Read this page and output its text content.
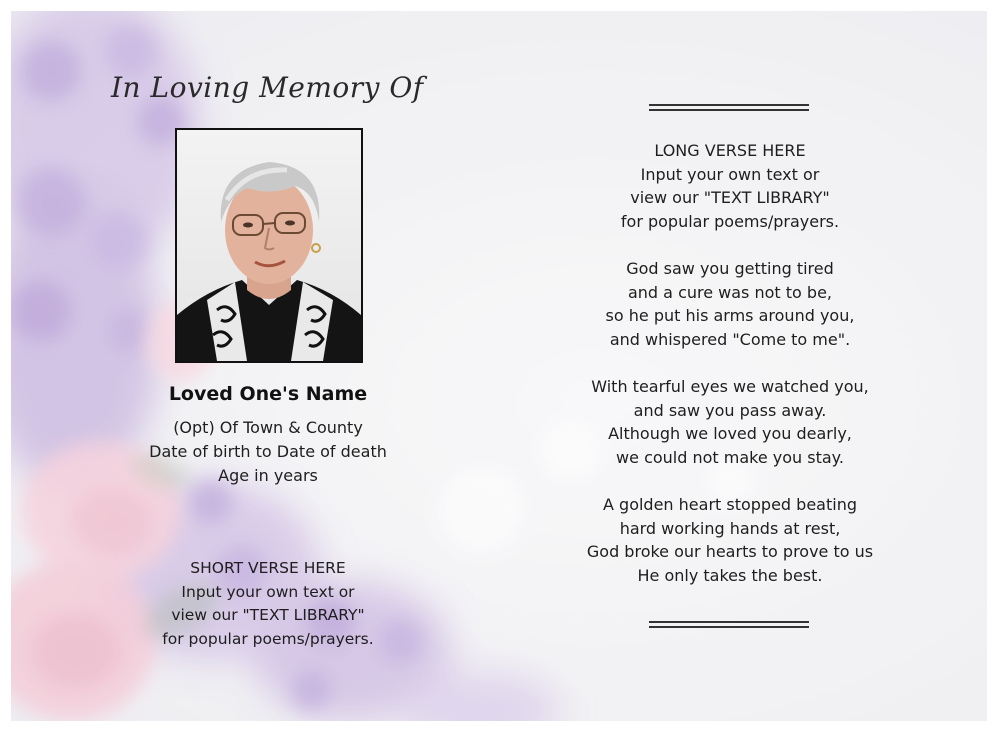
In Loving Memory Of
Loved One's Name
(Opt) Of Town & County
Date of birth to Date of death
Age in years
SHORT VERSE HERE
Input your own text or
view our "TEXT LIBRARY"
for popular poems/prayers.
LONG VERSE HERE
Input your own text or
view our "TEXT LIBRARY"
for popular poems/prayers.
God saw you getting tired
and a cure was not to be,
so he put his arms around you,
and whispered "Come to me".
With tearful eyes we watched you,
and saw you pass away.
Although we loved you dearly,
we could not make you stay.
A golden heart stopped beating
hard working hands at rest,
God broke our hearts to prove to us
He only takes the best.
